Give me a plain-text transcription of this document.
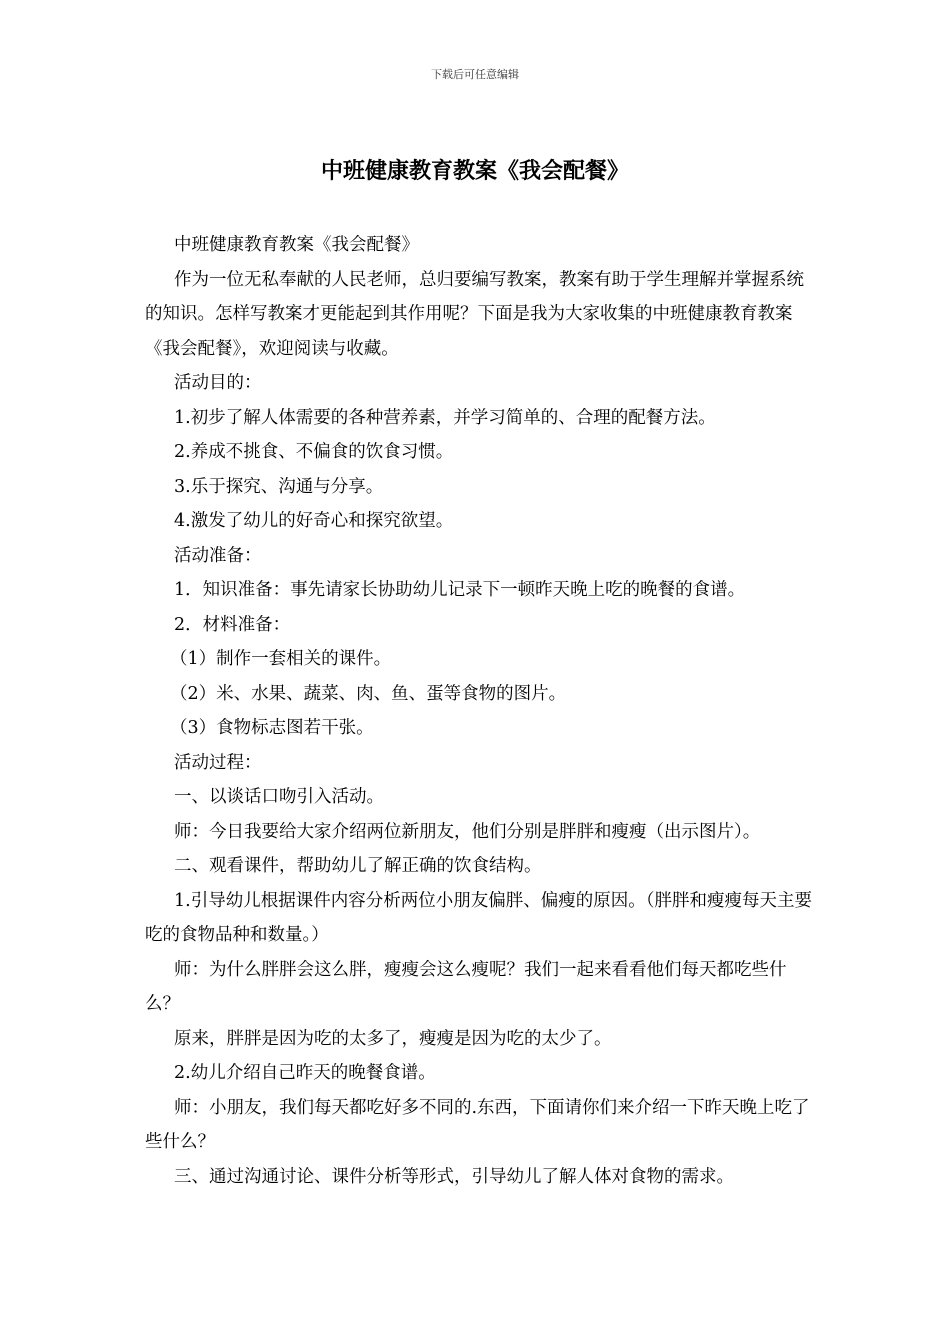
下载后可任意编辑
中班健康教育教案《我会配餐》

中班健康教育教案《我会配餐》

作为一位无私奉献的人民老师，总归要编写教案，教案有助于学生理解并掌握系统的知识。怎样写教案才更能起到其作用呢？下面是我为大家收集的中班健康教育教案《我会配餐》，欢迎阅读与收藏。

活动目的：

1.初步了解人体需要的各种营养素，并学习简单的、合理的配餐方法。

2.养成不挑食、不偏食的饮食习惯。

3.乐于探究、沟通与分享。

4.激发了幼儿的好奇心和探究欲望。

活动准备：

1．知识准备：事先请家长协助幼儿记录下一顿昨天晚上吃的晚餐的食谱。

2．材料准备：

（1）制作一套相关的课件。

（2）米、水果、蔬菜、肉、鱼、蛋等食物的图片。

（3）食物标志图若干张。

活动过程：

一、以谈话口吻引入活动。

师：今日我要给大家介绍两位新朋友，他们分别是胖胖和瘦瘦（出示图片）。

二、观看课件，帮助幼儿了解正确的饮食结构。

1.引导幼儿根据课件内容分析两位小朋友偏胖、偏瘦的原因。（胖胖和瘦瘦每天主要吃的食物品种和数量。）

师：为什么胖胖会这么胖，瘦瘦会这么瘦呢？我们一起来看看他们每天都吃些什么？

原来，胖胖是因为吃的太多了，瘦瘦是因为吃的太少了。

2.幼儿介绍自己昨天的晚餐食谱。

师：小朋友，我们每天都吃好多不同的.东西，下面请你们来介绍一下昨天晚上吃了些什么？

三、通过沟通讨论、课件分析等形式，引导幼儿了解人体对食物的需求。
